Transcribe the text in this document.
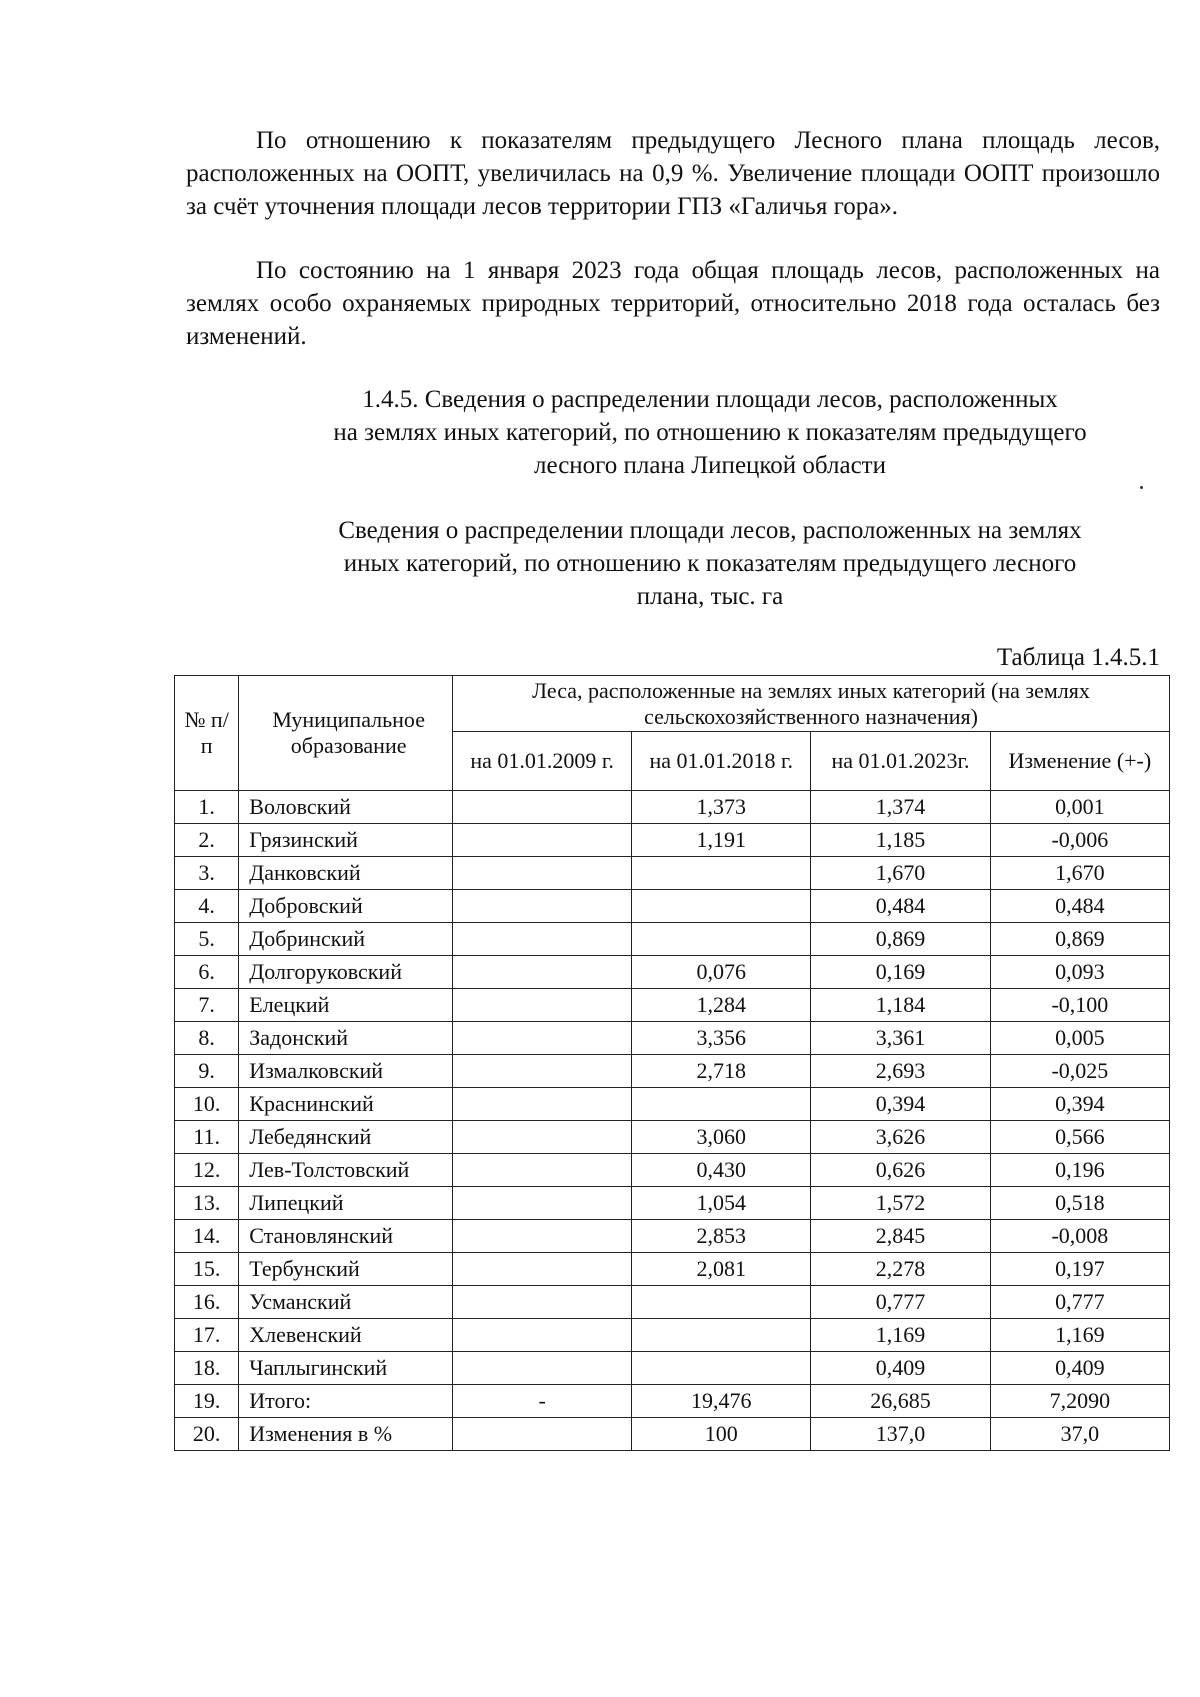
По отношению к показателям предыдущего Лесного плана площадь лесов, расположенных на ООПТ, увеличилась на 0,9 %. Увеличение площади ООПТ произошло за счёт уточнения площади лесов территории ГПЗ «Галичья гора».

По состоянию на 1 января 2023 года общая площадь лесов, расположенных на землях особо охраняемых природных территорий, относительно 2018 года осталась без изменений.

1.4.5. Сведения о распределении площади лесов, расположенных
на землях иных категорий, по отношению к показателям предыдущего
лесного плана Липецкой области
Сведения о распределении площади лесов, расположенных на землях
иных категорий, по отношению к показателям предыдущего лесного
плана, тыс. га
Таблица 1.4.5.1
№ п/п	Муниципальное образование	Леса, расположенные на землях иных категорий (на землях
сельскохозяйственного назначения)			

		на 01.01.2009 г.	на 01.01.2018 г.	на 01.01.2023г.	Изменение (+-)
1.	Воловский		1,373	1,374	0,001
2.	Грязинский		1,191	1,185	-0,006
3.	Данковский			1,670	1,670
4.	Добровский			0,484	0,484
5.	Добринский			0,869	0,869
6.	Долгоруковский		0,076	0,169	0,093
7.	Елецкий		1,284	1,184	-0,100
8.	Задонский		3,356	3,361	0,005
9.	Измалковский		2,718	2,693	-0,025
10.	Краснинский			0,394	0,394
11.	Лебедянский		3,060	3,626	0,566
12.	Лев-Толстовский		0,430	0,626	0,196
13.	Липецкий		1,054	1,572	0,518
14.	Становлянский		2,853	2,845	-0,008
15.	Тербунский		2,081	2,278	0,197
16.	Усманский			0,777	0,777
17.	Хлевенский			1,169	1,169
18.	Чаплыгинский			0,409	0,409
19.	Итого:	-	19,476	26,685	7,2090
20.	Изменения в %		100	137,0	37,0
